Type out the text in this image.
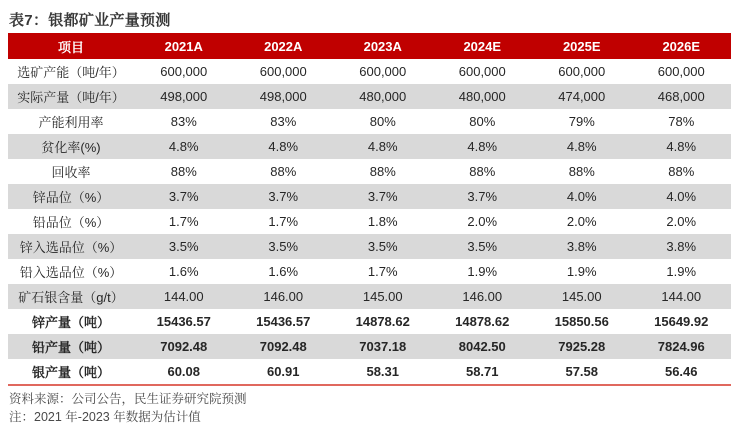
表7：银都矿业产量预测
项目	2021A	2022A	2023A	2024E	2025E	2026E
选矿产能（吨/年）	600,000	600,000	600,000	600,000	600,000	600,000
实际产量（吨/年）	498,000	498,000	480,000	480,000	474,000	468,000
产能利用率	83%	83%	80%	80%	79%	78%
贫化率(%)	4.8%	4.8%	4.8%	4.8%	4.8%	4.8%
回收率	88%	88%	88%	88%	88%	88%
锌品位（%）	3.7%	3.7%	3.7%	3.7%	4.0%	4.0%
铅品位（%）	1.7%	1.7%	1.8%	2.0%	2.0%	2.0%
锌入选品位（%）	3.5%	3.5%	3.5%	3.5%	3.8%	3.8%
铅入选品位（%）	1.6%	1.6%	1.7%	1.9%	1.9%	1.9%
矿石银含量（g/t）	144.00	146.00	145.00	146.00	145.00	144.00
锌产量（吨）	15436.57	15436.57	14878.62	14878.62	15850.56	15649.92
铅产量（吨）	7092.48	7092.48	7037.18	8042.50	7925.28	7824.96
银产量（吨）	60.08	60.91	58.31	58.71	57.58	56.46
资料来源：公司公告，民生证券研究院预测
注：2021 年-2023 年数据为估计值
